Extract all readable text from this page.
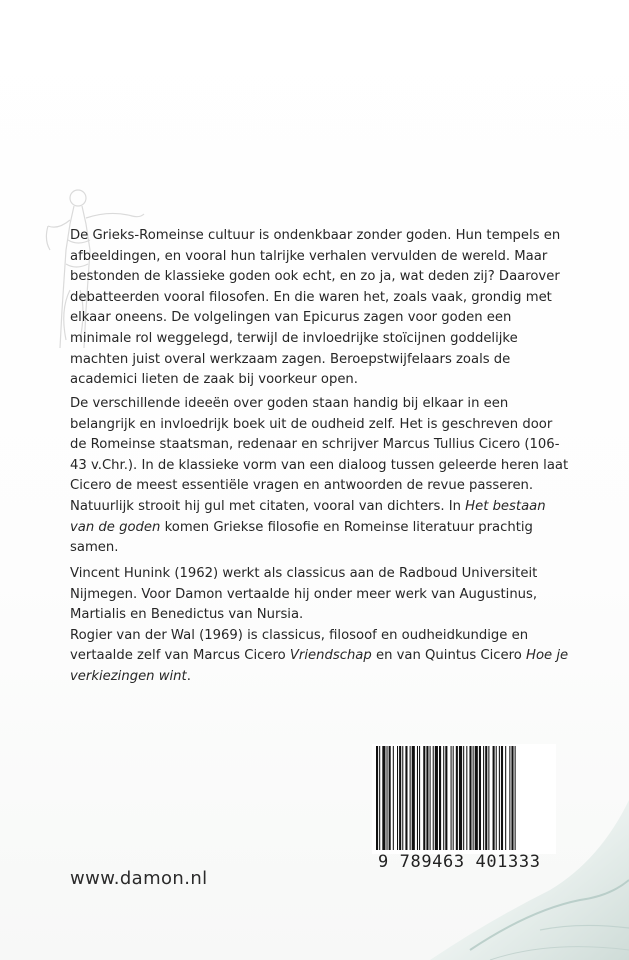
De Grieks-Romeinse cultuur is ondenkbaar zonder goden. Hun tempels en afbeeldingen, en vooral hun talrijke verhalen vervulden de wereld. Maar bestonden de klassieke goden ook echt, en zo ja, wat deden zij? Daarover debatteerden vooral filosofen. En die waren het, zoals vaak, grondig met elkaar oneens. De volgelingen van Epicurus zagen voor goden een minimale rol weggelegd, terwijl de invloedrijke stoïcijnen goddelijke machten juist overal werkzaam zagen. Beroepstwijfelaars zoals de academici lieten de zaak bij voorkeur open.

De verschillende ideeën over goden staan handig bij elkaar in een belangrijk en invloedrijk boek uit de oudheid zelf. Het is geschreven door de Romeinse staatsman, redenaar en schrijver Marcus Tullius Cicero (106-43 v.Chr.). In de klassieke vorm van een dialoog tussen geleerde heren laat Cicero de meest essentiële vragen en antwoorden de revue passeren. Natuurlijk strooit hij gul met citaten, vooral van dichters. In Het bestaan van de goden komen Griekse filosofie en Romeinse literatuur prachtig samen.

Vincent Hunink (1962) werkt als classicus aan de Radboud Universiteit Nijmegen. Voor Damon vertaalde hij onder meer werk van Augustinus, Martialis en Benedictus van Nursia.

Rogier van der Wal (1969) is classicus, filosoof en oudheidkundige en vertaalde zelf van Marcus Cicero Vriendschap en van Quintus Cicero Hoe je verkiezingen wint.

www.damon.nl
9 789463 401333
